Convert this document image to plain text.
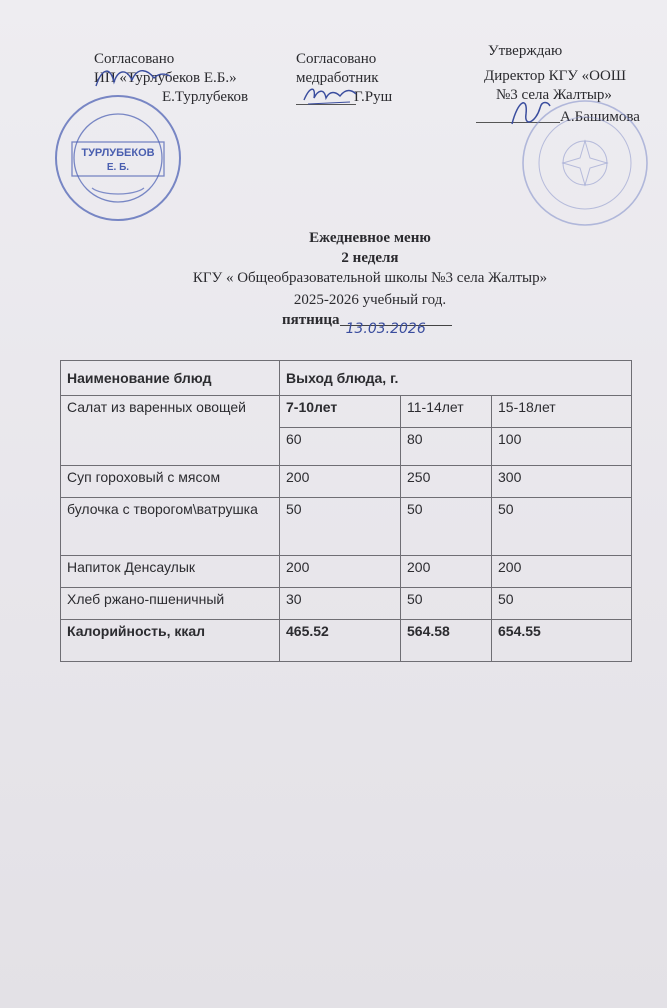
Согласовано
ИП «Турлубеков Е.Б.»
Е.Турлубеков
Согласовано
медработник
Г.Руш
Утверждаю
Директор КГУ «ООШ
№3 села Жалтыр»
А.Башимова
ТУРЛУБЕКОВ
Е. Б.
Ежедневное меню
2 неделя
КГУ « Общеобразовательной школы №3 села Жалтыр»
2025-2026 учебный год.
пятница
13.03.2026
Наименование блюд	Выход блюда, г.		
Салат из варенных овощей	7-10лет	11-14лет	15-18лет
	60	80	100
Суп гороховый с мясом	200	250	300
булочка с творогом\ватрушка	50	50	50
Напиток Денсаулык	200	200	200
Хлеб ржано-пшеничный	30	50	50
Калорийность, ккал	465.52	564.58	654.55
